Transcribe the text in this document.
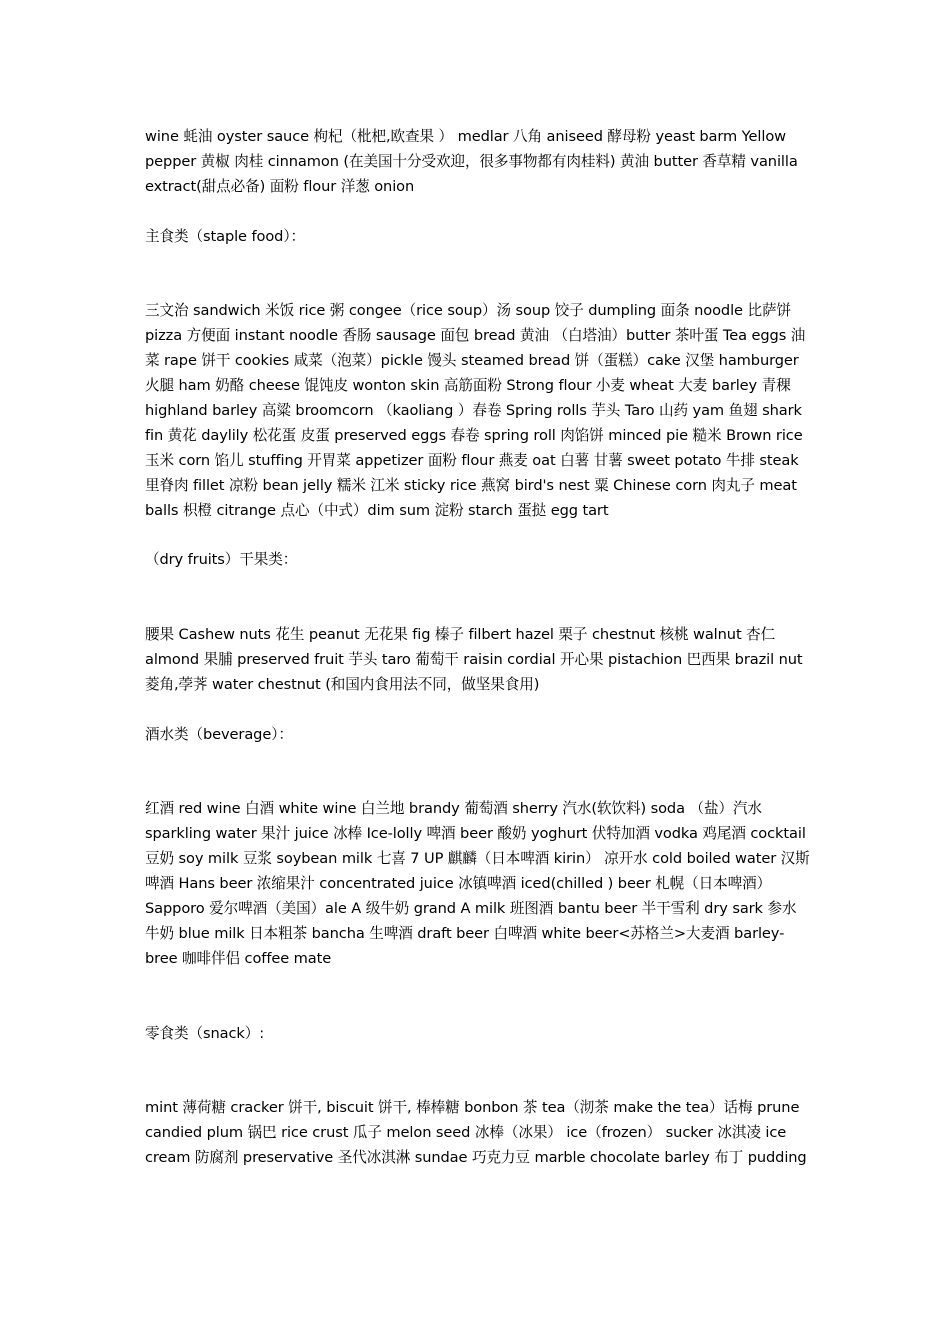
wine 蚝油 oyster sauce 枸杞（枇杷,欧查果 ） medlar 八角 aniseed 酵母粉 yeast barm Yellow pepper 黄椒 肉桂 cinnamon (在美国十分受欢迎，很多事物都有肉桂料) 黄油 butter 香草精 vanilla extract(甜点必备) 面粉 flour 洋葱 onion

主食类（staple food）：

三文治 sandwich 米饭 rice 粥 congee（rice soup）汤 soup 饺子 dumpling 面条 noodle 比萨饼 pizza 方便面 instant noodle 香肠 sausage 面包 bread 黄油 （白塔油）butter 茶叶蛋 Tea eggs 油菜 rape 饼干 cookies 咸菜（泡菜）pickle 馒头 steamed bread 饼（蛋糕）cake 汉堡 hamburger 火腿 ham 奶酪 cheese 馄饨皮 wonton skin 高筋面粉 Strong flour 小麦 wheat 大麦 barley 青稞 highland barley 高粱 broomcorn （kaoliang ）春卷 Spring rolls 芋头 Taro 山药 yam 鱼翅 shark fin 黄花 daylily 松花蛋 皮蛋 preserved eggs 春卷 spring roll 肉馅饼 minced pie 糙米 Brown rice 玉米 corn 馅儿 stuffing 开胃菜 appetizer 面粉 flour 燕麦 oat 白薯 甘薯 sweet potato 牛排 steak 里脊肉 fillet 凉粉 bean jelly 糯米 江米 sticky rice 燕窝 bird's nest 粟 Chinese corn 肉丸子 meat balls 枳橙 citrange 点心（中式）dim sum 淀粉 starch 蛋挞 egg tart

（dry fruits）干果类：

腰果 Cashew nuts 花生 peanut 无花果 fig 榛子 filbert hazel 栗子 chestnut 核桃 walnut 杏仁 almond 果脯 preserved fruit 芋头 taro 葡萄干 raisin cordial 开心果 pistachion 巴西果 brazil nut 菱角,荸荠 water chestnut (和国内食用法不同，做坚果食用)

酒水类（beverage）：

红酒 red wine 白酒 white wine 白兰地 brandy 葡萄酒 sherry 汽水(软饮料) soda （盐）汽水 sparkling water 果汁 juice 冰棒 Ice-lolly 啤酒 beer 酸奶 yoghurt 伏特加酒 vodka 鸡尾酒 cocktail 豆奶 soy milk 豆浆 soybean milk 七喜 7 UP 麒麟（日本啤酒 kirin） 凉开水 cold boiled water 汉斯啤酒 Hans beer 浓缩果汁 concentrated juice 冰镇啤酒 iced(chilled ) beer 札幌（日本啤酒）Sapporo 爱尔啤酒（美国）ale A 级牛奶 grand A milk 班图酒 bantu beer 半干雪利 dry sark 参水牛奶 blue milk 日本粗茶 bancha 生啤酒 draft beer 白啤酒 white beer<苏格兰>大麦酒 barley-bree 咖啡伴侣 coffee mate

零食类（snack）:

mint 薄荷糖 cracker 饼干, biscuit 饼干, 棒棒糖 bonbon 茶 tea（沏茶 make the tea）话梅 prune candied plum 锅巴 rice crust 瓜子 melon seed 冰棒（冰果） ice（frozen） sucker 冰淇凌 ice cream 防腐剂 preservative 圣代冰淇淋 sundae 巧克力豆 marble chocolate barley 布丁 pudding
